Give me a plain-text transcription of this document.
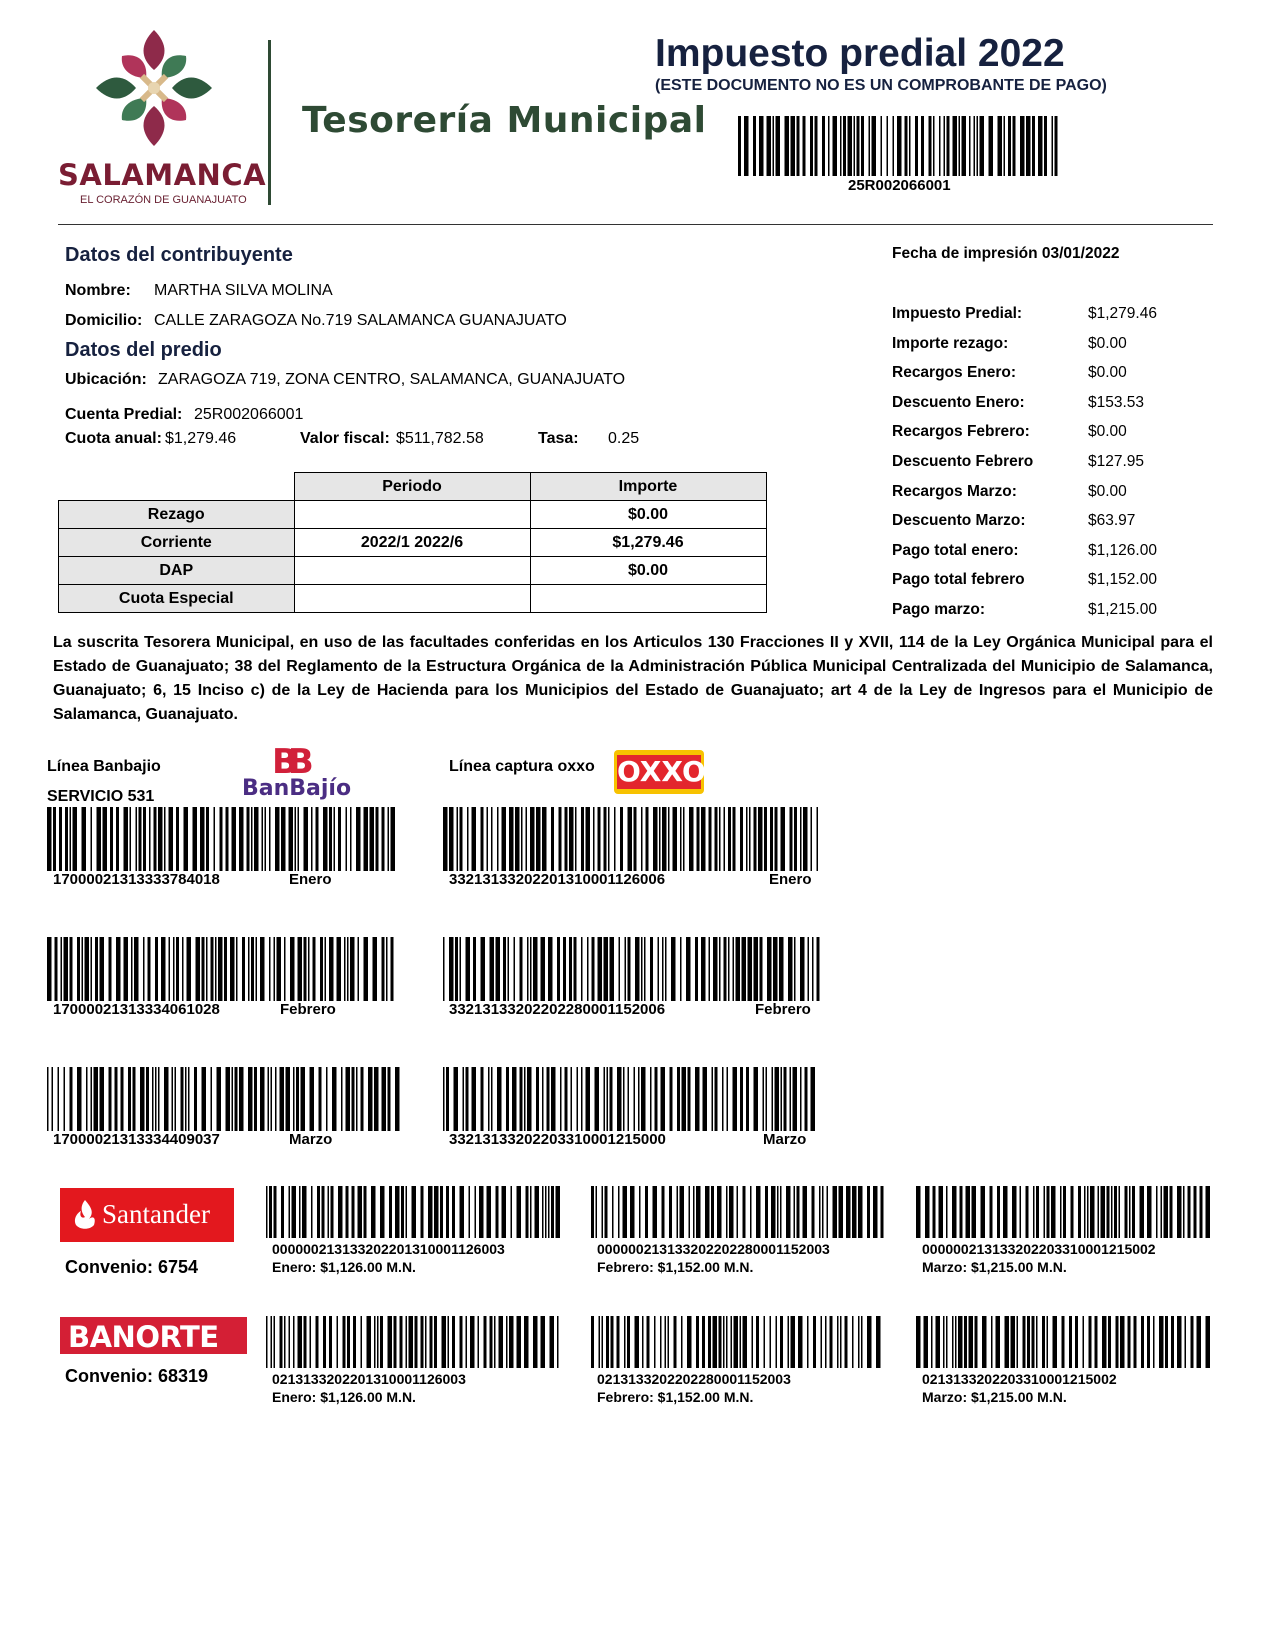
SALAMANCA
EL CORAZÓN DE GUANAJUATO
Tesorería Municipal
Impuesto predial 2022
(ESTE DOCUMENTO NO ES UN COMPROBANTE DE PAGO)
25R002066001
Datos del contribuyente
Nombre: MARTHA SILVA MOLINA
Domicilio: CALLE ZARAGOZA No.719 SALAMANCA GUANAJUATO
Datos del predio
Ubicación: ZARAGOZA 719, ZONA CENTRO, SALAMANCA, GUANAJUATO
Cuenta Predial: 25R002066001
Cuota anual: $1,279.46	Valor fiscal: $511,782.58	Tasa: 0.25
	Periodo	Importe
Rezago		$0.00
Corriente	2022/1 2022/6	$1,279.46
DAP		$0.00
Cuota Especial		
Fecha de impresión 03/01/2022
Impuesto Predial:	$1,279.46
Importe rezago:	$0.00
Recargos Enero:	$0.00
Descuento Enero:	$153.53
Recargos Febrero:	$0.00
Descuento Febrero	$127.95
Recargos Marzo:	$0.00
Descuento Marzo:	$63.97
Pago total enero:	$1,126.00
Pago total febrero	$1,152.00
Pago marzo:	$1,215.00
La suscrita Tesorera Municipal, en uso de las facultades conferidas en los Articulos 130 Fracciones II y XVII, 114 de la Ley Orgánica Municipal para el Estado de Guanajuato; 38 del Reglamento de la Estructura Orgánica de la Administración Pública Municipal Centralizada del Municipio de Salamanca, Guanajuato; 6, 15 Inciso c) de la Ley de Hacienda para los Municipios del Estado de Guanajuato; art 4 de la Ley de Ingresos para el Municipio de Salamanca, Guanajuato.
Línea Banbajio
SERVICIO 531
BB
BanBajío
Línea captura oxxo OXXO
17000021313333784018	Enero	3321313320220131000112600​6	Enero
17000021313334061028	Febrero	3321313320220228000115200​6	Febrero
17000021313334409037	Marzo	3321313320220331000121500​0	Marzo
Santander
Convenio: 6754
000000213133202201310001126003
Enero: $1,126.00 M.N.
000000213133202202280001152003
Febrero: $1,152.00 M.N.
000000213133202203310001215002
Marzo: $1,215.00 M.N.
BANORTE
Convenio: 68319	0213133202201310001126003
Enero: $1,126.00 M.N.
0213133202202280001152003
Febrero: $1,152.00 M.N.
0213133202203310001215002
Marzo: $1,215.00 M.N.
